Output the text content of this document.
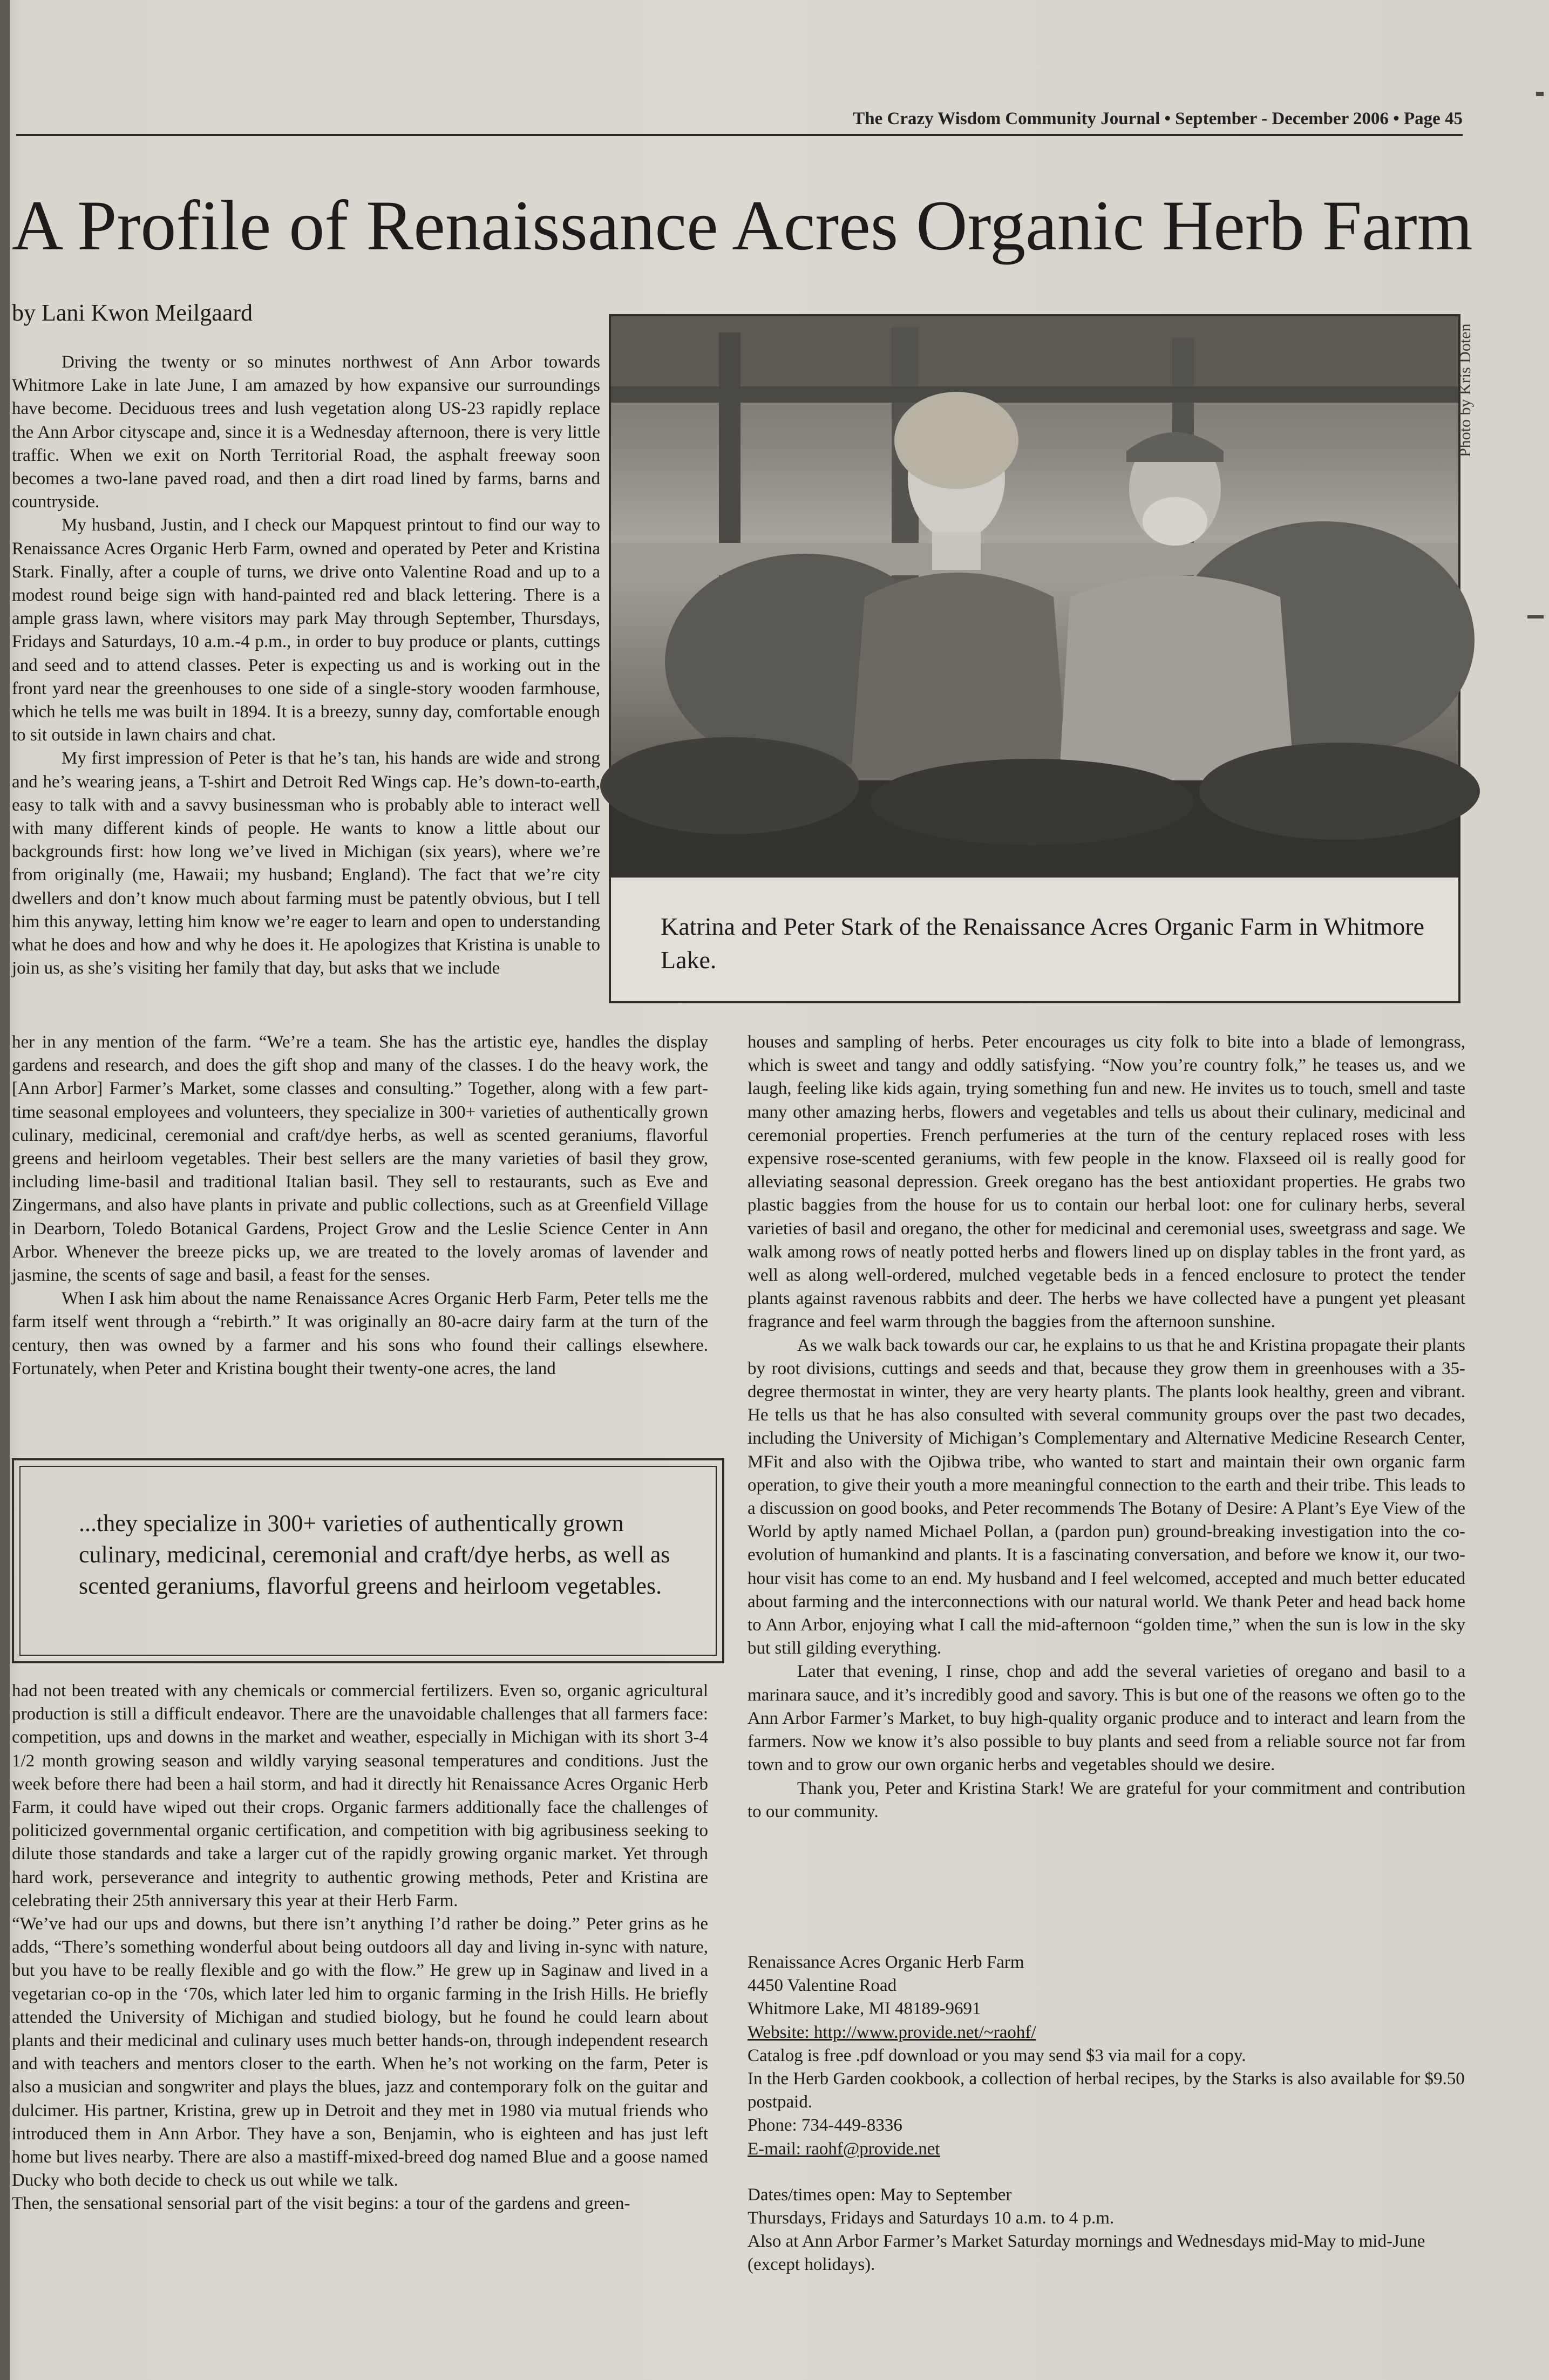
The Crazy Wisdom Community Journal • September - December 2006 • Page 45
A Profile of Renaissance Acres Organic Herb Farm
by Lani Kwon Meilgaard

Driving the twenty or so minutes northwest of Ann Arbor towards Whitmore Lake in late June, I am amazed by how expansive our surroundings have become. Deciduous trees and lush vegetation along US-23 rapidly replace the Ann Arbor cityscape and, since it is a Wednesday afternoon, there is very little traffic. When we exit on North Territorial Road, the asphalt freeway soon becomes a two-lane paved road, and then a dirt road lined by farms, barns and countryside.

My husband, Justin, and I check our Mapquest printout to find our way to Renaissance Acres Organic Herb Farm, owned and operated by Peter and Kristina Stark. Finally, after a couple of turns, we drive onto Valentine Road and up to a modest round beige sign with hand-painted red and black lettering. There is a ample grass lawn, where visitors may park May through September, Thursdays, Fridays and Saturdays, 10 a.m.-4 p.m., in order to buy produce or plants, cuttings and seed and to attend classes. Peter is expecting us and is working out in the front yard near the greenhouses to one side of a single-story wooden farmhouse, which he tells me was built in 1894. It is a breezy, sunny day, comfortable enough to sit outside in lawn chairs and chat.

My first impression of Peter is that he’s tan, his hands are wide and strong and he’s wearing jeans, a T-shirt and Detroit Red Wings cap. He’s down-to-earth, easy to talk with and a savvy businessman who is probably able to interact well with many different kinds of people. He wants to know a little about our backgrounds first: how long we’ve lived in Michigan (six years), where we’re from originally (me, Hawaii; my husband; England). The fact that we’re city dwellers and don’t know much about farming must be patently obvious, but I tell him this anyway, letting him know we’re eager to learn and open to understanding what he does and how and why he does it. He apologizes that Kristina is unable to join us, as she’s visiting her family that day, but asks that we include

Katrina and Peter Stark of the Renaissance Acres Organic Farm in Whitmore Lake.
Photo by Kris Doten

her in any mention of the farm. “We’re a team. She has the artistic eye, handles the display gardens and research, and does the gift shop and many of the classes. I do the heavy work, the [Ann Arbor] Farmer’s Market, some classes and consulting.” Together, along with a few part-time seasonal employees and volunteers, they specialize in 300+ varieties of authentically grown culinary, medicinal, ceremonial and craft/dye herbs, as well as scented geraniums, flavorful greens and heirloom vegetables. Their best sellers are the many varieties of basil they grow, including lime-basil and traditional Italian basil. They sell to restaurants, such as Eve and Zingermans, and also have plants in private and public collections, such as at Greenfield Village in Dearborn, Toledo Botanical Gardens, Project Grow and the Leslie Science Center in Ann Arbor. Whenever the breeze picks up, we are treated to the lovely aromas of lavender and jasmine, the scents of sage and basil, a feast for the senses.

When I ask him about the name Renaissance Acres Organic Herb Farm, Peter tells me the farm itself went through a “rebirth.” It was originally an 80-acre dairy farm at the turn of the century, then was owned by a farmer and his sons who found their callings elsewhere. Fortunately, when Peter and Kristina bought their twenty-one acres, the land

...they specialize in 300+ varieties of authentically grown culinary, medicinal, ceremonial and craft/dye herbs, as well as scented geraniums, flavorful greens and heirloom vegetables.

had not been treated with any chemicals or commercial fertilizers. Even so, organic agricultural production is still a difficult endeavor. There are the unavoidable challenges that all farmers face: competition, ups and downs in the market and weather, especially in Michigan with its short 3-4 1/2 month growing season and wildly varying seasonal temperatures and conditions. Just the week before there had been a hail storm, and had it directly hit Renaissance Acres Organic Herb Farm, it could have wiped out their crops. Organic farmers additionally face the challenges of politicized governmental organic certification, and competition with big agribusiness seeking to dilute those standards and take a larger cut of the rapidly growing organic market. Yet through hard work, perseverance and integrity to authentic growing methods, Peter and Kristina are celebrating their 25th anniversary this year at their Herb Farm.

“We’ve had our ups and downs, but there isn’t anything I’d rather be doing.” Peter grins as he adds, “There’s something wonderful about being outdoors all day and living in-sync with nature, but you have to be really flexible and go with the flow.” He grew up in Saginaw and lived in a vegetarian co-op in the ‘70s, which later led him to organic farming in the Irish Hills. He briefly attended the University of Michigan and studied biology, but he found he could learn about plants and their medicinal and culinary uses much better hands-on, through independent research and with teachers and mentors closer to the earth. When he’s not working on the farm, Peter is also a musician and songwriter and plays the blues, jazz and contemporary folk on the guitar and dulcimer. His partner, Kristina, grew up in Detroit and they met in 1980 via mutual friends who introduced them in Ann Arbor. They have a son, Benjamin, who is eighteen and has just left home but lives nearby. There are also a mastiff-mixed-breed dog named Blue and a goose named Ducky who both decide to check us out while we talk.

Then, the sensational sensorial part of the visit begins: a tour of the gardens and green-

houses and sampling of herbs. Peter encourages us city folk to bite into a blade of lemongrass, which is sweet and tangy and oddly satisfying. “Now you’re country folk,” he teases us, and we laugh, feeling like kids again, trying something fun and new. He invites us to touch, smell and taste many other amazing herbs, flowers and vegetables and tells us about their culinary, medicinal and ceremonial properties. French perfumeries at the turn of the century replaced roses with less expensive rose-scented geraniums, with few people in the know. Flaxseed oil is really good for alleviating seasonal depression. Greek oregano has the best antioxidant properties. He grabs two plastic baggies from the house for us to contain our herbal loot: one for culinary herbs, several varieties of basil and oregano, the other for medicinal and ceremonial uses, sweetgrass and sage. We walk among rows of neatly potted herbs and flowers lined up on display tables in the front yard, as well as along well-ordered, mulched vegetable beds in a fenced enclosure to protect the tender plants against ravenous rabbits and deer. The herbs we have collected have a pungent yet pleasant fragrance and feel warm through the baggies from the afternoon sunshine.

As we walk back towards our car, he explains to us that he and Kristina propagate their plants by root divisions, cuttings and seeds and that, because they grow them in greenhouses with a 35-degree thermostat in winter, they are very hearty plants. The plants look healthy, green and vibrant. He tells us that he has also consulted with several community groups over the past two decades, including the University of Michigan’s Complementary and Alternative Medicine Research Center, MFit and also with the Ojibwa tribe, who wanted to start and maintain their own organic farm operation, to give their youth a more meaningful connection to the earth and their tribe. This leads to a discussion on good books, and Peter recommends The Botany of Desire: A Plant’s Eye View of the World by aptly named Michael Pollan, a (pardon pun) ground-breaking investigation into the co-evolution of humankind and plants. It is a fascinating conversation, and before we know it, our two-hour visit has come to an end. My husband and I feel welcomed, accepted and much better educated about farming and the interconnections with our natural world. We thank Peter and head back home to Ann Arbor, enjoying what I call the mid-afternoon “golden time,” when the sun is low in the sky but still gilding everything.

Later that evening, I rinse, chop and add the several varieties of oregano and basil to a marinara sauce, and it’s incredibly good and savory. This is but one of the reasons we often go to the Ann Arbor Farmer’s Market, to buy high-quality organic produce and to interact and learn from the farmers. Now we know it’s also possible to buy plants and seed from a reliable source not far from town and to grow our own organic herbs and vegetables should we desire.

Thank you, Peter and Kristina Stark! We are grateful for your commitment and contribution to our community.

Renaissance Acres Organic Herb Farm

4450 Valentine Road

Whitmore Lake, MI 48189-9691

Website: http://www.provide.net/~raohf/

Catalog is free .pdf download or you may send $3 via mail for a copy.

In the Herb Garden cookbook, a collection of herbal recipes, by the Starks is also available for $9.50 postpaid.

Phone: 734-449-8336

E-mail: raohf@provide.net

Dates/times open: May to September

Thursdays, Fridays and Saturdays 10 a.m. to 4 p.m.

Also at Ann Arbor Farmer’s Market Saturday mornings and Wednesdays mid-May to mid-June (except holidays).
